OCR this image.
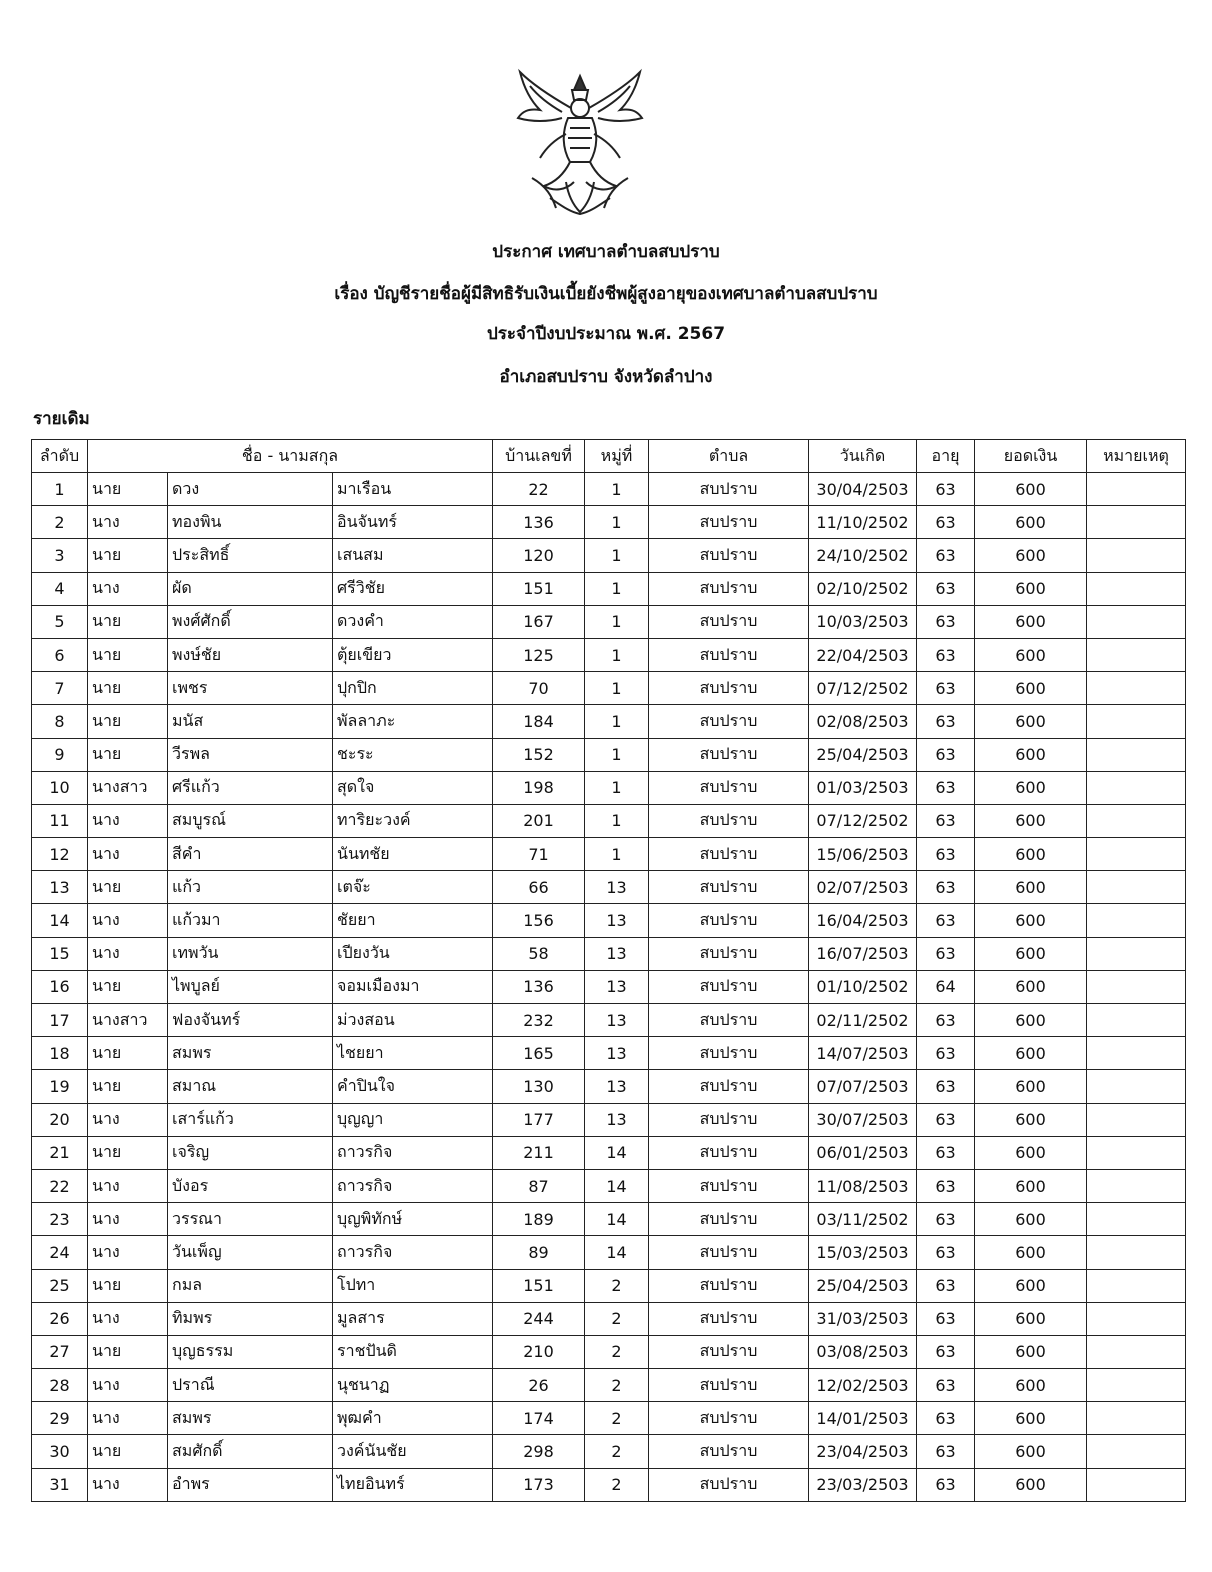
ประกาศ เทศบาลตำบลสบปราบ
เรื่อง บัญชีรายชื่อผู้มีสิทธิรับเงินเบี้ยยังชีพผู้สูงอายุของเทศบาลตำบลสบปราบ
ประจำปีงบประมาณ พ.ศ. 2567
อำเภอสบปราบ จังหวัดลำปาง
รายเดิม
ลำดับ	ชื่อ - นามสกุล			บ้านเลขที่	หมู่ที่	ตำบล	วันเกิด	อายุ	ยอดเงิน	หมายเหตุ
1	นาย	ดวง	มาเรือน	22	1	สบปราบ	30/04/2503	63	600	
2	นาง	ทองพิน	อินจันทร์	136	1	สบปราบ	11/10/2502	63	600	
3	นาย	ประสิทธิ์	เสนสม	120	1	สบปราบ	24/10/2502	63	600	
4	นาง	ผัด	ศรีวิชัย	151	1	สบปราบ	02/10/2502	63	600	
5	นาย	พงศ์ศักดิ์	ดวงคำ	167	1	สบปราบ	10/03/2503	63	600	
6	นาย	พงษ์ชัย	ตุ้ยเขียว	125	1	สบปราบ	22/04/2503	63	600	
7	นาย	เพชร	ปุกปิก	70	1	สบปราบ	07/12/2502	63	600	
8	นาย	มนัส	พัลลาภะ	184	1	สบปราบ	02/08/2503	63	600	
9	นาย	วีรพล	ชะระ	152	1	สบปราบ	25/04/2503	63	600	
10	นางสาว	ศรีแก้ว	สุดใจ	198	1	สบปราบ	01/03/2503	63	600	
11	นาง	สมบูรณ์	ทาริยะวงค์	201	1	สบปราบ	07/12/2502	63	600	
12	นาง	สีคำ	นันทชัย	71	1	สบปราบ	15/06/2503	63	600	
13	นาย	แก้ว	เตจ๊ะ	66	13	สบปราบ	02/07/2503	63	600	
14	นาง	แก้วมา	ชัยยา	156	13	สบปราบ	16/04/2503	63	600	
15	นาง	เทพวัน	เปียงวัน	58	13	สบปราบ	16/07/2503	63	600	
16	นาย	ไพบูลย์	จอมเมืองมา	136	13	สบปราบ	01/10/2502	64	600	
17	นางสาว	ฟองจันทร์	ม่วงสอน	232	13	สบปราบ	02/11/2502	63	600	
18	นาย	สมพร	ไชยยา	165	13	สบปราบ	14/07/2503	63	600	
19	นาย	สมาณ	คำปินใจ	130	13	สบปราบ	07/07/2503	63	600	
20	นาง	เสาร์แก้ว	บุญญา	177	13	สบปราบ	30/07/2503	63	600	
21	นาย	เจริญ	ถาวรกิจ	211	14	สบปราบ	06/01/2503	63	600	
22	นาง	บังอร	ถาวรกิจ	87	14	สบปราบ	11/08/2503	63	600	
23	นาง	วรรณา	บุญพิทักษ์	189	14	สบปราบ	03/11/2502	63	600	
24	นาง	วันเพ็ญ	ถาวรกิจ	89	14	สบปราบ	15/03/2503	63	600	
25	นาย	กมล	โปทา	151	2	สบปราบ	25/04/2503	63	600	
26	นาง	ทิมพร	มูลสาร	244	2	สบปราบ	31/03/2503	63	600	
27	นาย	บุญธรรม	ราชปันดิ	210	2	สบปราบ	03/08/2503	63	600	
28	นาง	ปราณี	นุชนาฏ	26	2	สบปราบ	12/02/2503	63	600	
29	นาง	สมพร	พุฒคำ	174	2	สบปราบ	14/01/2503	63	600	
30	นาย	สมศักดิ์	วงค์นันชัย	298	2	สบปราบ	23/04/2503	63	600	
31	นาง	อำพร	ไทยอินทร์	173	2	สบปราบ	23/03/2503	63	600	
